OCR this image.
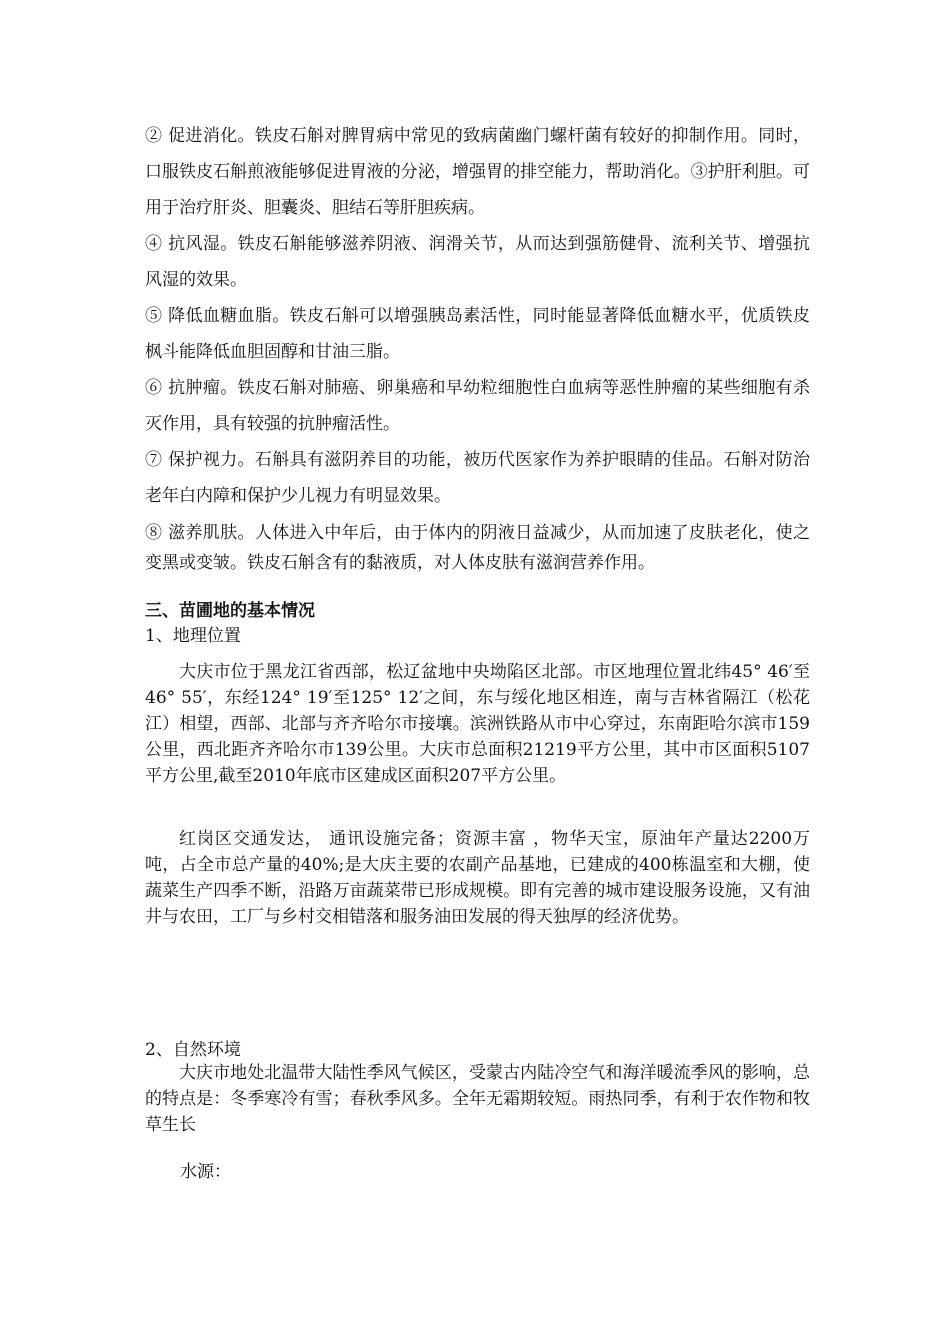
② 促进消化。铁皮石斛对脾胃病中常见的致病菌幽门螺杆菌有较好的抑制作用。同时，口服铁皮石斛煎液能够促进胃液的分泌，增强胃的排空能力，帮助消化。③护肝利胆。可用于治疗肝炎、胆囊炎、胆结石等肝胆疾病。

④ 抗风湿。铁皮石斛能够滋养阴液、润滑关节，从而达到强筋健骨、流利关节、增强抗风湿的效果。

⑤ 降低血糖血脂。铁皮石斛可以增强胰岛素活性，同时能显著降低血糖水平，优质铁皮枫斗能降低血胆固醇和甘油三脂。

⑥ 抗肿瘤。铁皮石斛对肺癌、卵巢癌和早幼粒细胞性白血病等恶性肿瘤的某些细胞有杀灭作用，具有较强的抗肿瘤活性。

⑦ 保护视力。石斛具有滋阴养目的功能，被历代医家作为养护眼睛的佳品。石斛对防治老年白内障和保护少儿视力有明显效果。

⑧ 滋养肌肤。人体进入中年后，由于体内的阴液日益减少，从而加速了皮肤老化，使之变黑或变皱。铁皮石斛含有的黏液质，对人体皮肤有滋润营养作用。

三、苗圃地的基本情况
1、地理位置

大庆市位于黑龙江省西部，松辽盆地中央坳陷区北部。市区地理位置北纬45° 46′至46° 55′，东经124° 19′至125° 12′之间，东与绥化地区相连，南与吉林省隔江（松花江）相望，西部、北部与齐齐哈尔市接壤。滨洲铁路从市中心穿过，东南距哈尔滨市159公里，西北距齐齐哈尔市139公里。大庆市总面积21219平方公里，其中市区面积5107平方公里,截至2010年底市区建成区面积207平方公里。

红岗区交通发达， 通讯设施完备；资源丰富 ，物华天宝，原油年产量达2200万吨，占全市总产量的40%;是大庆主要的农副产品基地，已建成的400栋温室和大棚，使蔬菜生产四季不断，沿路万亩蔬菜带已形成规模。即有完善的城市建设服务设施，又有油井与农田，工厂与乡村交相错落和服务油田发展的得天独厚的经济优势。

2、自然环境

大庆市地处北温带大陆性季风气候区，受蒙古内陆冷空气和海洋暖流季风的影响，总的特点是：冬季寒冷有雪；春秋季风多。全年无霜期较短。雨热同季，有利于农作物和牧草生长

水源：
